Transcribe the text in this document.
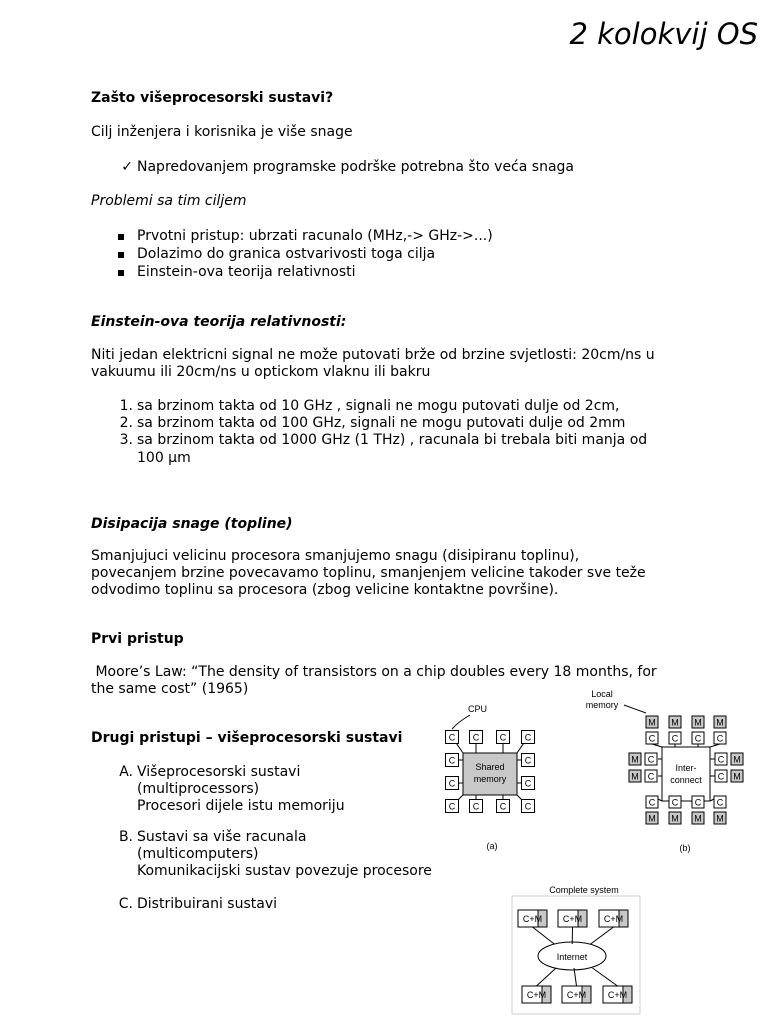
2 kolokvij OS
Zašto višeprocesorski sustavi?
Cilj inženjera i korisnika je više snage
✓ Napredovanjem programske podrške potrebna što veća snaga
Problemi sa tim ciljem
Prvotni pristup: ubrzati racunalo (MHz,-> GHz->...)
Dolazimo do granica ostvarivosti toga cilja
Einstein-ova teorija relativnosti
Einstein-ova teorija relativnosti:
Niti jedan elektricni signal ne može putovati brže od brzine svjetlosti: 20cm/ns u
vakuumu ili 20cm/ns u optickom vlaknu ili bakru
1. sa brzinom takta od 10 GHz , signali ne mogu putovati dulje od 2cm,
2. sa brzinom takta od 100 GHz, signali ne mogu putovati dulje od 2mm
3. sa brzinom takta od 1000 GHz (1 THz) , racunala bi trebala biti manja od
100 µm
Disipacija snage (topline)
Smanjujuci velicinu procesora smanjujemo snagu (disipiranu toplinu),
povecanjem brzine povecavamo toplinu, smanjenjem velicine takoder sve teže
odvodimo toplinu sa procesora (zbog velicine kontaktne površine).
Prvi pristup
Moore’s Law: “The density of transistors on a chip doubles every 18 months, for
the same cost” (1965)
Drugi pristupi – višeprocesorski sustavi
A. Višeprocesorski sustavi
(multiprocessors)
Procesori dijele istu memoriju
B. Sustavi sa više racunala
(multicomputers)
Komunikacijski sustav povezuje procesore
C. Distribuirani sustavi
Shared
memory
C
C
C
C
C
C
C
C
C	C
C	C
CPU
(a)
Inter-
connect
M
C
C
M
M
C
C
M
M
C
C
M
M
C
C
M
M C	C M
M C	C M
Local
memory
(b)
Complete system
Internet
C+M C+M C+M
C+M C+M C+M
